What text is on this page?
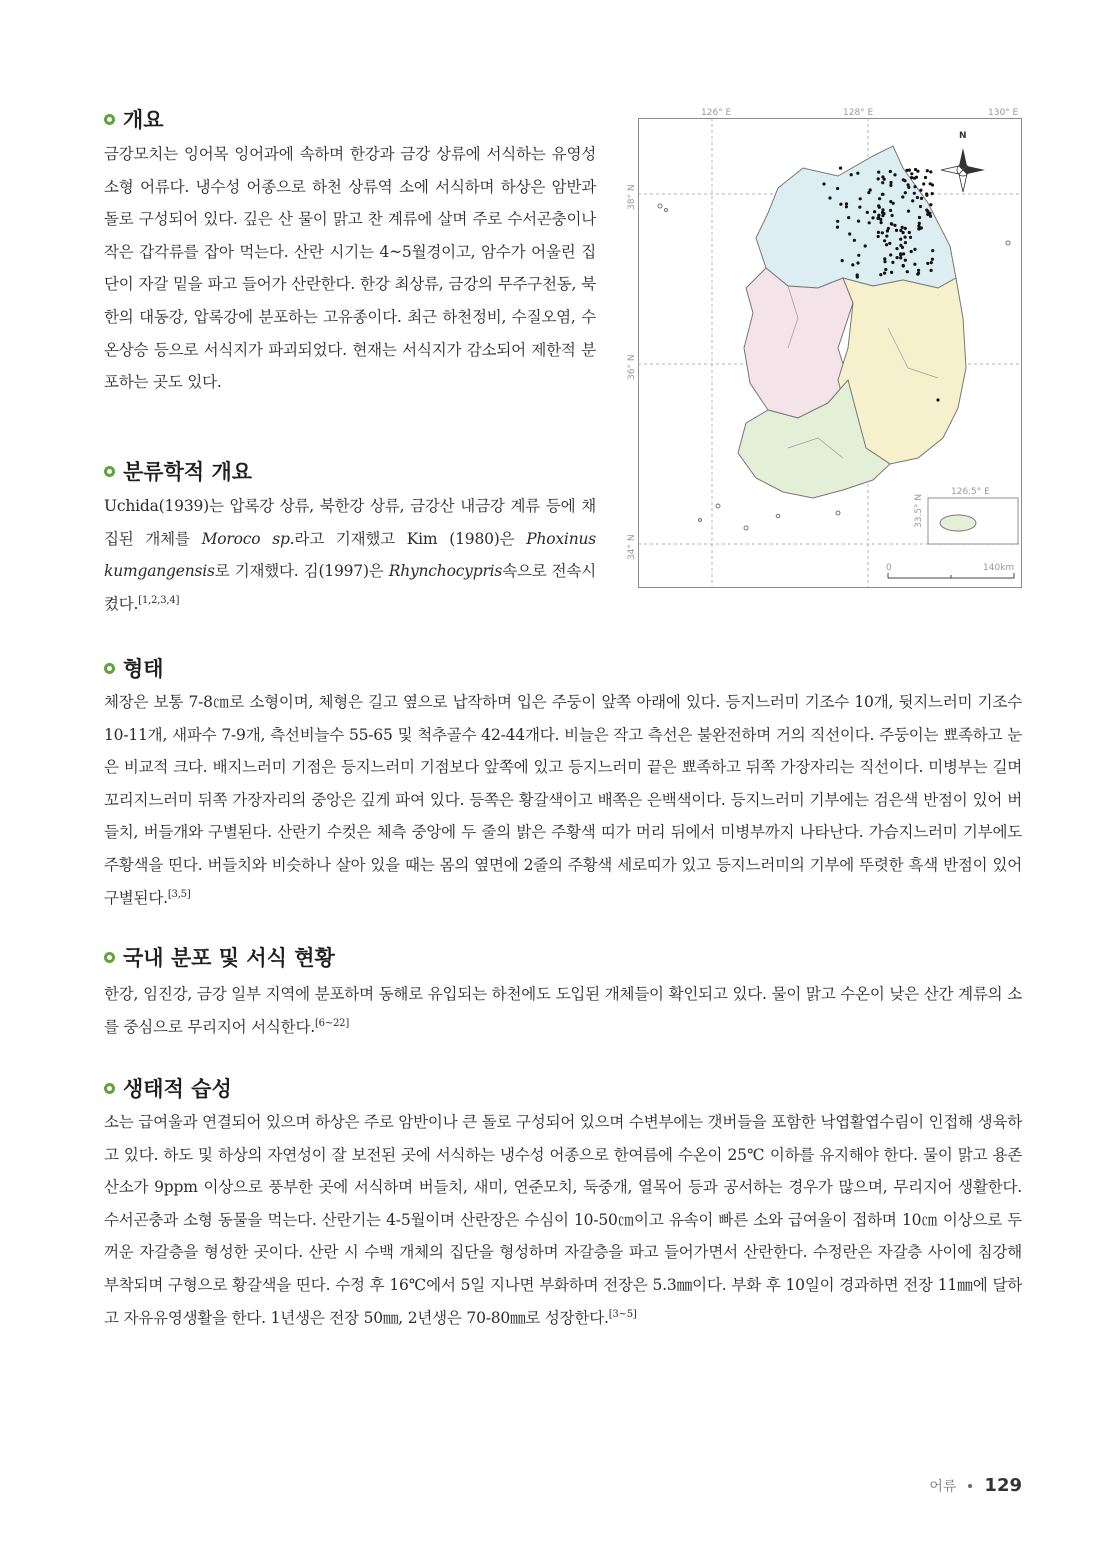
개요

금강모치는 잉어목 잉어과에 속하며 한강과 금강 상류에 서식하는 유영성 소형 어류다. 냉수성 어종으로 하천 상류역 소에 서식하며 하상은 암반과 돌로 구성되어 있다. 깊은 산 물이 맑고 찬 계류에 살며 주로 수서곤충이나 작은 갑각류를 잡아 먹는다. 산란 시기는 4~5월경이고, 암수가 어울린 집단이 자갈 밑을 파고 들어가 산란한다. 한강 최상류, 금강의 무주구천동, 북한의 대동강, 압록강에 분포하는 고유종이다. 최근 하천정비, 수질오염, 수온상승 등으로 서식지가 파괴되었다. 현재는 서식지가 감소되어 제한적 분포하는 곳도 있다.

분류학적 개요

Uchida(1939)는 압록강 상류, 북한강 상류, 금강산 내금강 계류 등에 채집된 개체를 Moroco sp.라고 기재했고 Kim (1980)은 Phoxinus kumgangensis로 기재했다. 김(1997)은 Rhynchocypris속으로 전속시켰다.[1,2,3,4]

형태

체장은 보통 7-8㎝로 소형이며, 체형은 길고 옆으로 납작하며 입은 주둥이 앞쪽 아래에 있다. 등지느러미 기조수 10개, 뒷지느러미 기조수 10-11개, 새파수 7-9개, 측선비늘수 55-65 및 척추골수 42-44개다. 비늘은 작고 측선은 불완전하며 거의 직선이다. 주둥이는 뾰족하고 눈은 비교적 크다. 배지느러미 기점은 등지느러미 기점보다 앞쪽에 있고 등지느러미 끝은 뾰족하고 뒤쪽 가장자리는 직선이다. 미병부는 길며 꼬리지느러미 뒤쪽 가장자리의 중앙은 깊게 파여 있다. 등쪽은 황갈색이고 배쪽은 은백색이다. 등지느러미 기부에는 검은색 반점이 있어 버들치, 버들개와 구별된다. 산란기 수컷은 체측 중앙에 두 줄의 밝은 주황색 띠가 머리 뒤에서 미병부까지 나타난다. 가슴지느러미 기부에도 주황색을 띤다. 버들치와 비슷하나 살아 있을 때는 몸의 옆면에 2줄의 주황색 세로띠가 있고 등지느러미의 기부에 뚜렷한 흑색 반점이 있어 구별된다.[3,5]

국내 분포 및 서식 현황

한강, 임진강, 금강 일부 지역에 분포하며 동해로 유입되는 하천에도 도입된 개체들이 확인되고 있다. 물이 맑고 수온이 낮은 산간 계류의 소를 중심으로 무리지어 서식한다.[6~22]

생태적 습성

소는 급여울과 연결되어 있으며 하상은 주로 암반이나 큰 돌로 구성되어 있으며 수변부에는 갯버들을 포함한 낙엽활엽수림이 인접해 생육하고 있다. 하도 및 하상의 자연성이 잘 보전된 곳에 서식하는 냉수성 어종으로 한여름에 수온이 25℃ 이하를 유지해야 한다. 물이 맑고 용존산소가 9ppm 이상으로 풍부한 곳에 서식하며 버들치, 새미, 연준모치, 둑중개, 열목어 등과 공서하는 경우가 많으며, 무리지어 생활한다. 수서곤충과 소형 동물을 먹는다. 산란기는 4-5월이며 산란장은 수심이 10-50㎝이고 유속이 빠른 소와 급여울이 접하며 10㎝ 이상으로 두꺼운 자갈층을 형성한 곳이다. 산란 시 수백 개체의 집단을 형성하며 자갈층을 파고 들어가면서 산란한다. 수정란은 자갈층 사이에 침강해 부착되며 구형으로 황갈색을 띤다. 수정 후 16℃에서 5일 지나면 부화하며 전장은 5.3㎜이다. 부화 후 10일이 경과하면 전장 11㎜에 달하고 자유유영생활을 한다. 1년생은 전장 50㎜, 2년생은 70-80㎜로 성장한다.[3~5]

126° E	128° E	130° E
38° N
36° N
34° N
N
126.5° E
33.5° N
0	140km
어류 129
